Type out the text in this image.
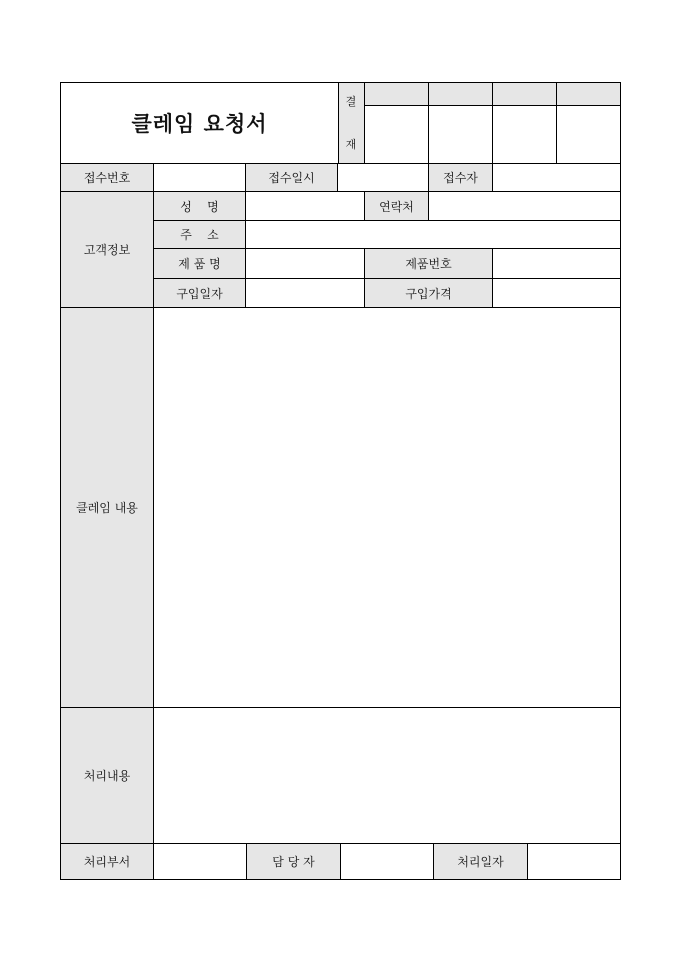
클레임 요청서
결
재
접수번호	접수일시	접수자
고객정보
성    명	연락처
주    소
제 품 명	제품번호
구입일자	구입가격
클레임 내용
처리내용
처리부서	담 당 자	처리일자
